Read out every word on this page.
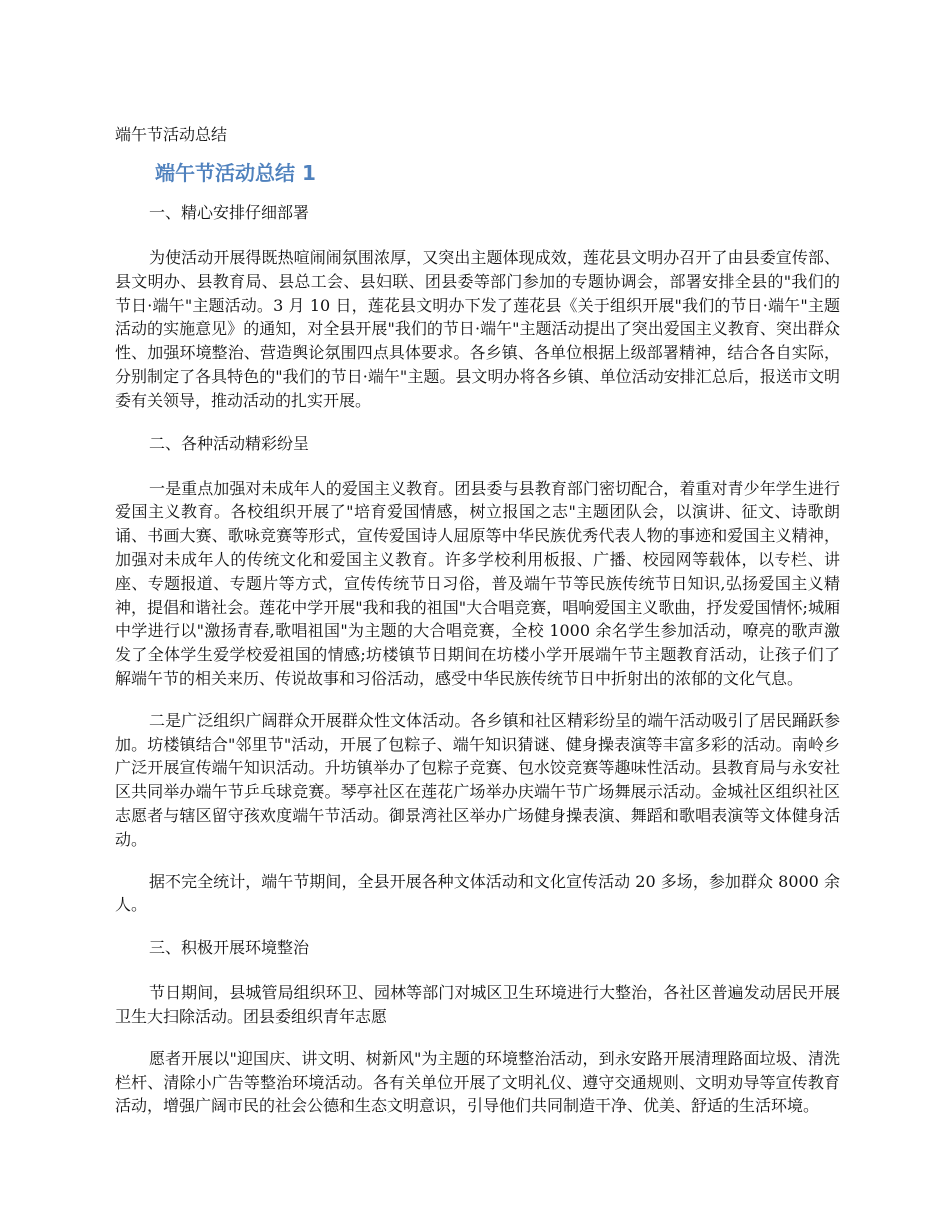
端午节活动总结
端午节活动总结 1
一、精心安排仔细部署

为使活动开展得既热喧闹闹氛围浓厚，又突出主题体现成效，莲花县文明办召开了由县委宣传部、县文明办、县教育局、县总工会、县妇联、团县委等部门参加的专题协调会，部署安排全县的"我们的节日·端午"主题活动。3 月 10 日，莲花县文明办下发了莲花县《关于组织开展"我们的节日·端午"主题活动的实施意见》的通知，对全县开展"我们的节日·端午"主题活动提出了突出爱国主义教育、突出群众性、加强环境整治、营造舆论氛围四点具体要求。各乡镇、各单位根据上级部署精神，结合各自实际，分别制定了各具特色的"我们的节日·端午"主题。县文明办将各乡镇、单位活动安排汇总后，报送市文明委有关领导，推动活动的扎实开展。

二、各种活动精彩纷呈

一是重点加强对未成年人的爱国主义教育。团县委与县教育部门密切配合，着重对青少年学生进行爱国主义教育。各校组织开展了"培育爱国情感，树立报国之志"主题团队会，以演讲、征文、诗歌朗诵、书画大赛、歌咏竞赛等形式，宣传爱国诗人屈原等中华民族优秀代表人物的事迹和爱国主义精神，加强对未成年人的传统文化和爱国主义教育。许多学校利用板报、广播、校园网等载体，以专栏、讲座、专题报道、专题片等方式，宣传传统节日习俗，普及端午节等民族传统节日知识,弘扬爱国主义精神，提倡和谐社会。莲花中学开展"我和我的祖国"大合唱竞赛，唱响爱国主义歌曲，抒发爱国情怀;城厢中学进行以"激扬青春,歌唱祖国"为主题的大合唱竞赛，全校 1000 余名学生参加活动，嘹亮的歌声激发了全体学生爱学校爱祖国的情感;坊楼镇节日期间在坊楼小学开展端午节主题教育活动，让孩子们了解端午节的相关来历、传说故事和习俗活动，感受中华民族传统节日中折射出的浓郁的文化气息。

二是广泛组织广阔群众开展群众性文体活动。各乡镇和社区精彩纷呈的端午活动吸引了居民踊跃参加。坊楼镇结合"邻里节"活动，开展了包粽子、端午知识猜谜、健身操表演等丰富多彩的活动。南岭乡广泛开展宣传端午知识活动。升坊镇举办了包粽子竞赛、包水饺竞赛等趣味性活动。县教育局与永安社区共同举办端午节乒乓球竞赛。琴亭社区在莲花广场举办庆端午节广场舞展示活动。金城社区组织社区志愿者与辖区留守孩欢度端午节活动。御景湾社区举办广场健身操表演、舞蹈和歌唱表演等文体健身活动。

据不完全统计，端午节期间，全县开展各种文体活动和文化宣传活动 20 多场，参加群众 8000 余人。

三、积极开展环境整治

节日期间，县城管局组织环卫、园林等部门对城区卫生环境进行大整治，各社区普遍发动居民开展卫生大扫除活动。团县委组织青年志愿

愿者开展以"迎国庆、讲文明、树新风"为主题的环境整治活动，到永安路开展清理路面垃圾、清洗栏杆、清除小广告等整治环境活动。各有关单位开展了文明礼仪、遵守交通规则、文明劝导等宣传教育活动，增强广阔市民的社会公德和生态文明意识，引导他们共同制造干净、优美、舒适的生活环境。
